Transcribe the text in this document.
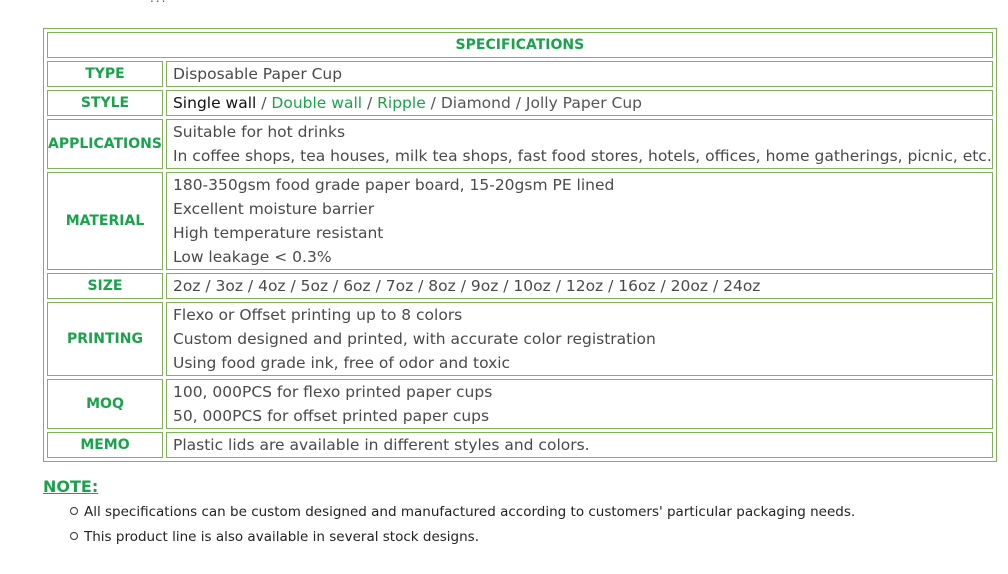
SPECIFICATIONS	
TYPE	Disposable Paper Cup

STYLE	Single wall / Double wall / Ripple / Diamond / Jolly Paper Cup
APPLICATIONS	Suitable for hot drinks
In coffee shops, tea houses, milk tea shops, fast food stores, hotels, offices, home gatherings, picnic, etc.

MATERIAL	180-350gsm food grade paper board, 15-20gsm PE lined
Excellent moisture barrier
High temperature resistant
Low leakage < 0.3%

SIZE	2oz / 3oz / 4oz / 5oz / 6oz / 7oz / 8oz / 9oz / 10oz / 12oz / 16oz / 20oz / 24oz

PRINTING	Flexo or Offset printing up to 8 colors
Custom designed and printed, with accurate color registration
Using food grade ink, free of odor and toxic

MOQ	100, 000PCS for flexo printed paper cups
50, 000PCS for offset printed paper cups

MEMO	Plastic lids are available in different styles and colors.
NOTE:
All specifications can be custom designed and manufactured according to customers' particular packaging needs.
This product line is also available in several stock designs.
